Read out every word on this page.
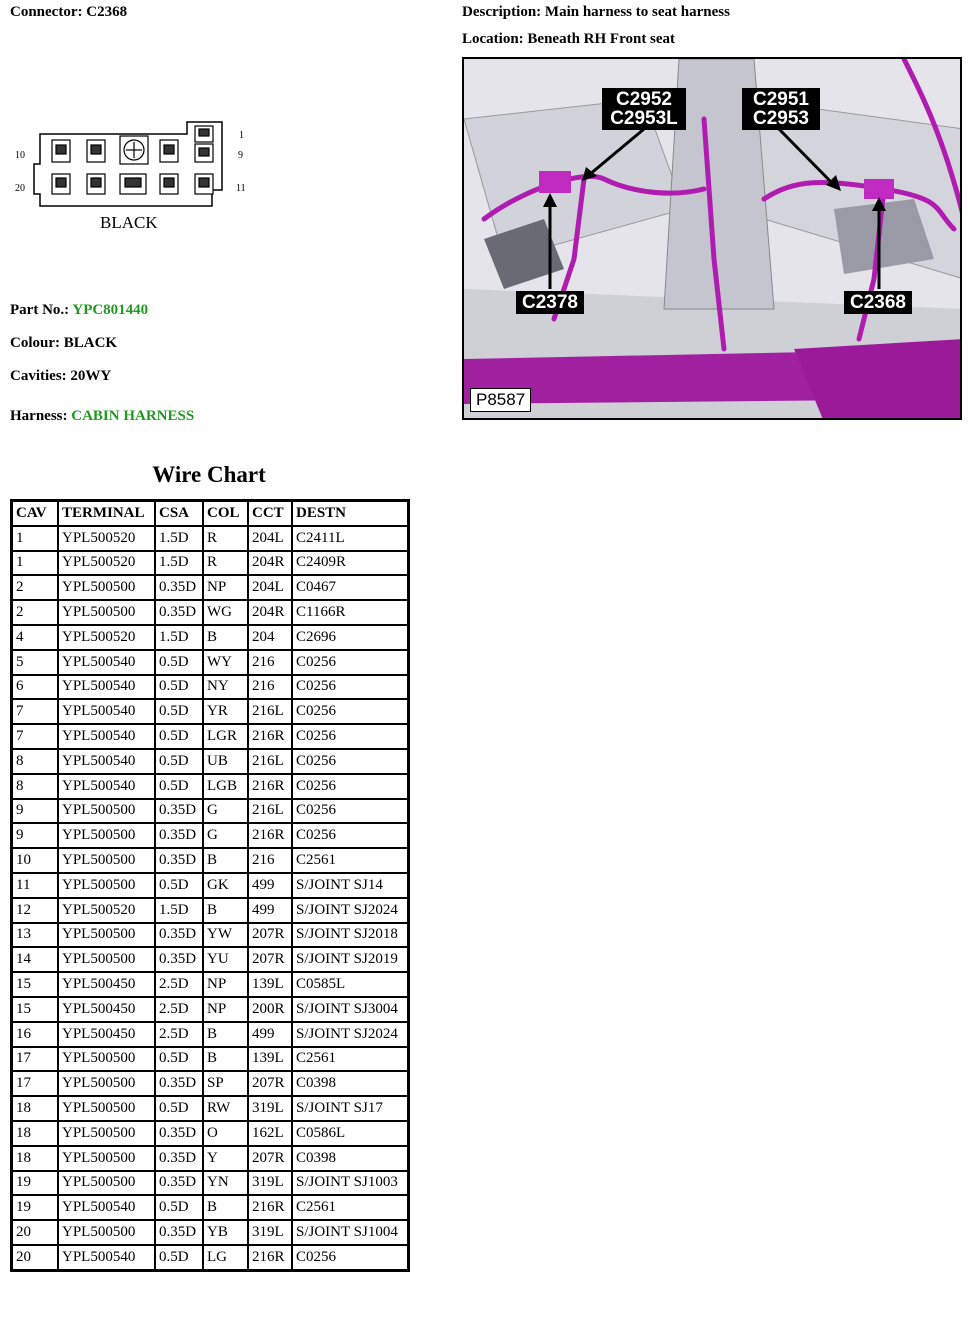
Connector: C2368	Description: Main harness to seat harness
Location: Beneath RH Front seat
1
9
10
11
20
BLACK
C2952 C2953L
C2951 C2953
C2378	C2368
P8587
Part No.: YPC801440
Colour: BLACK
Cavities: 20WY
Harness: CABIN HARNESS
Wire Chart
CAV	TERMINAL	CSA	COL	CCT	DESTN
1	YPL500520	1.5D	R	204L	C2411L
1	YPL500520	1.5D	R	204R	C2409R
2	YPL500500	0.35D	NP	204L	C0467
2	YPL500500	0.35D	WG	204R	C1166R
4	YPL500520	1.5D	B	204	C2696
5	YPL500540	0.5D	WY	216	C0256
6	YPL500540	0.5D	NY	216	C0256
7	YPL500540	0.5D	YR	216L	C0256
7	YPL500540	0.5D	LGR	216R	C0256
8	YPL500540	0.5D	UB	216L	C0256
8	YPL500540	0.5D	LGB	216R	C0256
9	YPL500500	0.35D	G	216L	C0256
9	YPL500500	0.35D	G	216R	C0256
10	YPL500500	0.35D	B	216	C2561
11	YPL500500	0.5D	GK	499	S/JOINT SJ14
12	YPL500520	1.5D	B	499	S/JOINT SJ2024
13	YPL500500	0.35D	YW	207R	S/JOINT SJ2018
14	YPL500500	0.35D	YU	207R	S/JOINT SJ2019
15	YPL500450	2.5D	NP	139L	C0585L
15	YPL500450	2.5D	NP	200R	S/JOINT SJ3004
16	YPL500450	2.5D	B	499	S/JOINT SJ2024
17	YPL500500	0.5D	B	139L	C2561
17	YPL500500	0.35D	SP	207R	C0398
18	YPL500500	0.5D	RW	319L	S/JOINT SJ17
18	YPL500500	0.35D	O	162L	C0586L
18	YPL500500	0.35D	Y	207R	C0398
19	YPL500500	0.35D	YN	319L	S/JOINT SJ1003
19	YPL500540	0.5D	B	216R	C2561
20	YPL500500	0.35D	YB	319L	S/JOINT SJ1004
20	YPL500540	0.5D	LG	216R	C0256
